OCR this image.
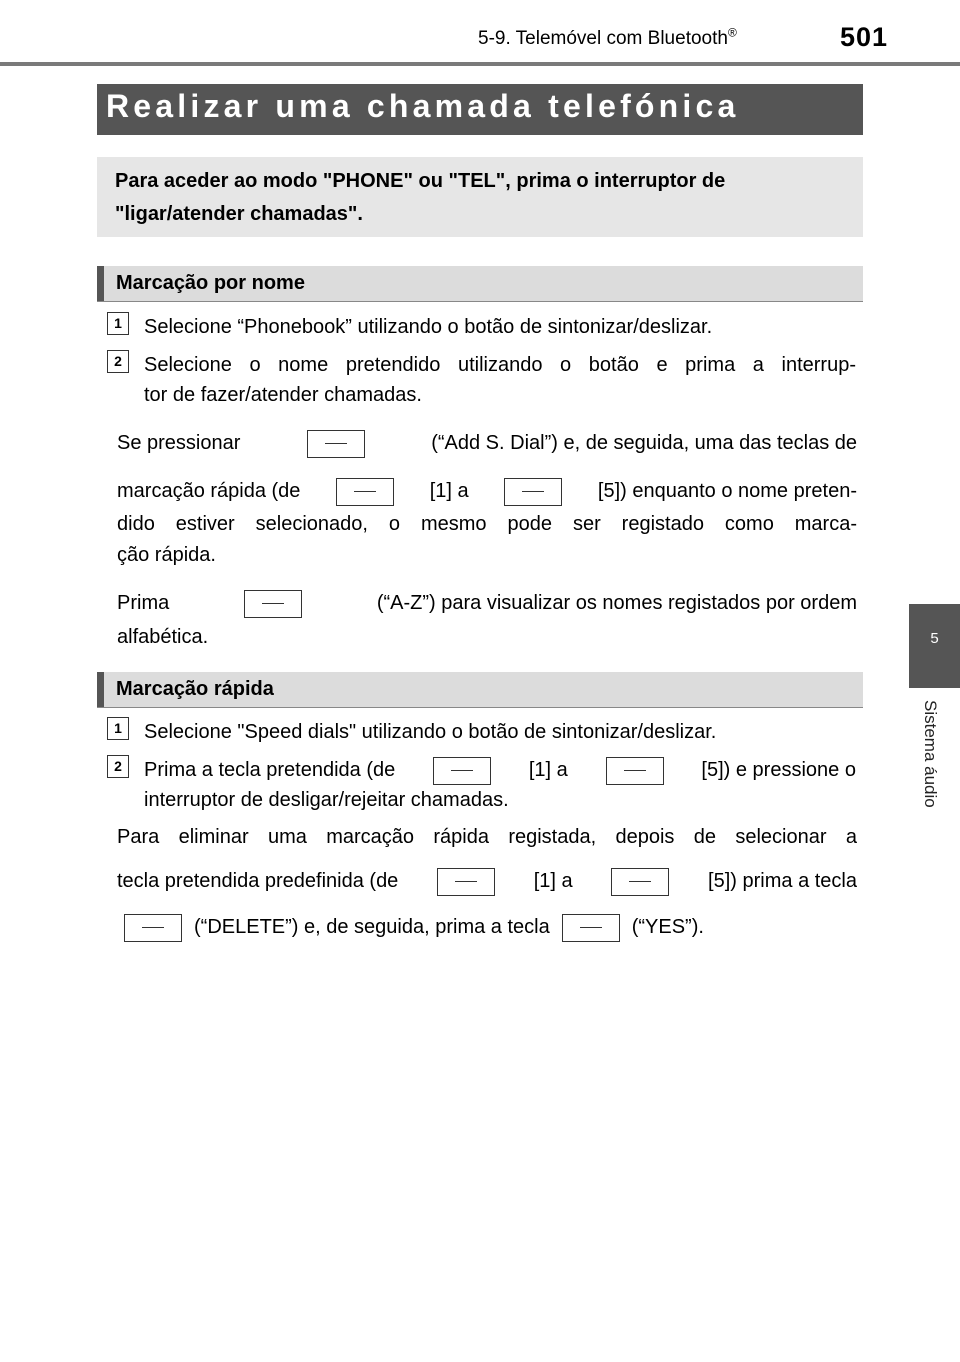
5-9. Telemóvel com Bluetooth®	501
5
Sistema áudio
Realizar uma chamada telefónica
Para aceder ao modo "PHONE" ou "TEL", prima o interruptor de "ligar/atender chamadas".
Marcação por nome
1	Selecione “Phonebook” utilizando o botão de sintonizar/deslizar.
2	Selecione o nome pretendido utilizando o botão e prima a interrup-
tor de fazer/atender chamadas.
Se pressionar	(“Add S. Dial”) e, de seguida, uma das teclas de
marcação rápida (de	[1] a	[5]) enquanto o nome preten-
dido estiver selecionado, o mesmo pode ser registado como marca-
ção rápida.
Prima	(“A-Z”) para visualizar os nomes registados por ordem
alfabética.
Marcação rápida
1	Selecione "Speed dials" utilizando o botão de sintonizar/deslizar.
2	Prima a tecla pretendida (de	[1] a	[5]) e pressione o
interruptor de desligar/rejeitar chamadas.
Para eliminar uma marcação rápida registada, depois de selecionar a
tecla pretendida predefinida (de	[1] a	[5]) prima a tecla
(“DELETE”) e, de seguida, prima a tecla	(“YES”).
